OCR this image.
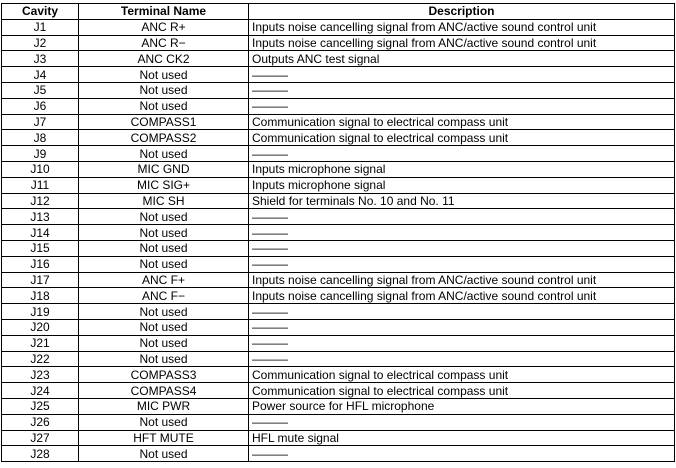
Cavity	Terminal Name	Description
J1	ANC R+	Inputs noise cancelling signal from ANC/active sound control unit
J2	ANC R−	Inputs noise cancelling signal from ANC/active sound control unit
J3	ANC CK2	Outputs ANC test signal
J4	Not used	———
J5	Not used	———
J6	Not used	———
J7	COMPASS1	Communication signal to electrical compass unit
J8	COMPASS2	Communication signal to electrical compass unit
J9	Not used	———
J10	MIC GND	Inputs microphone signal
J11	MIC SIG+	Inputs microphone signal
J12	MIC SH	Shield for terminals No. 10 and No. 11
J13	Not used	———
J14	Not used	———
J15	Not used	———
J16	Not used	———
J17	ANC F+	Inputs noise cancelling signal from ANC/active sound control unit
J18	ANC F−	Inputs noise cancelling signal from ANC/active sound control unit
J19	Not used	———
J20	Not used	———
J21	Not used	———
J22	Not used	———
J23	COMPASS3	Communication signal to electrical compass unit
J24	COMPASS4	Communication signal to electrical compass unit
J25	MIC PWR	Power source for HFL microphone
J26	Not used	———
J27	HFT MUTE	HFL mute signal
J28	Not used	———
